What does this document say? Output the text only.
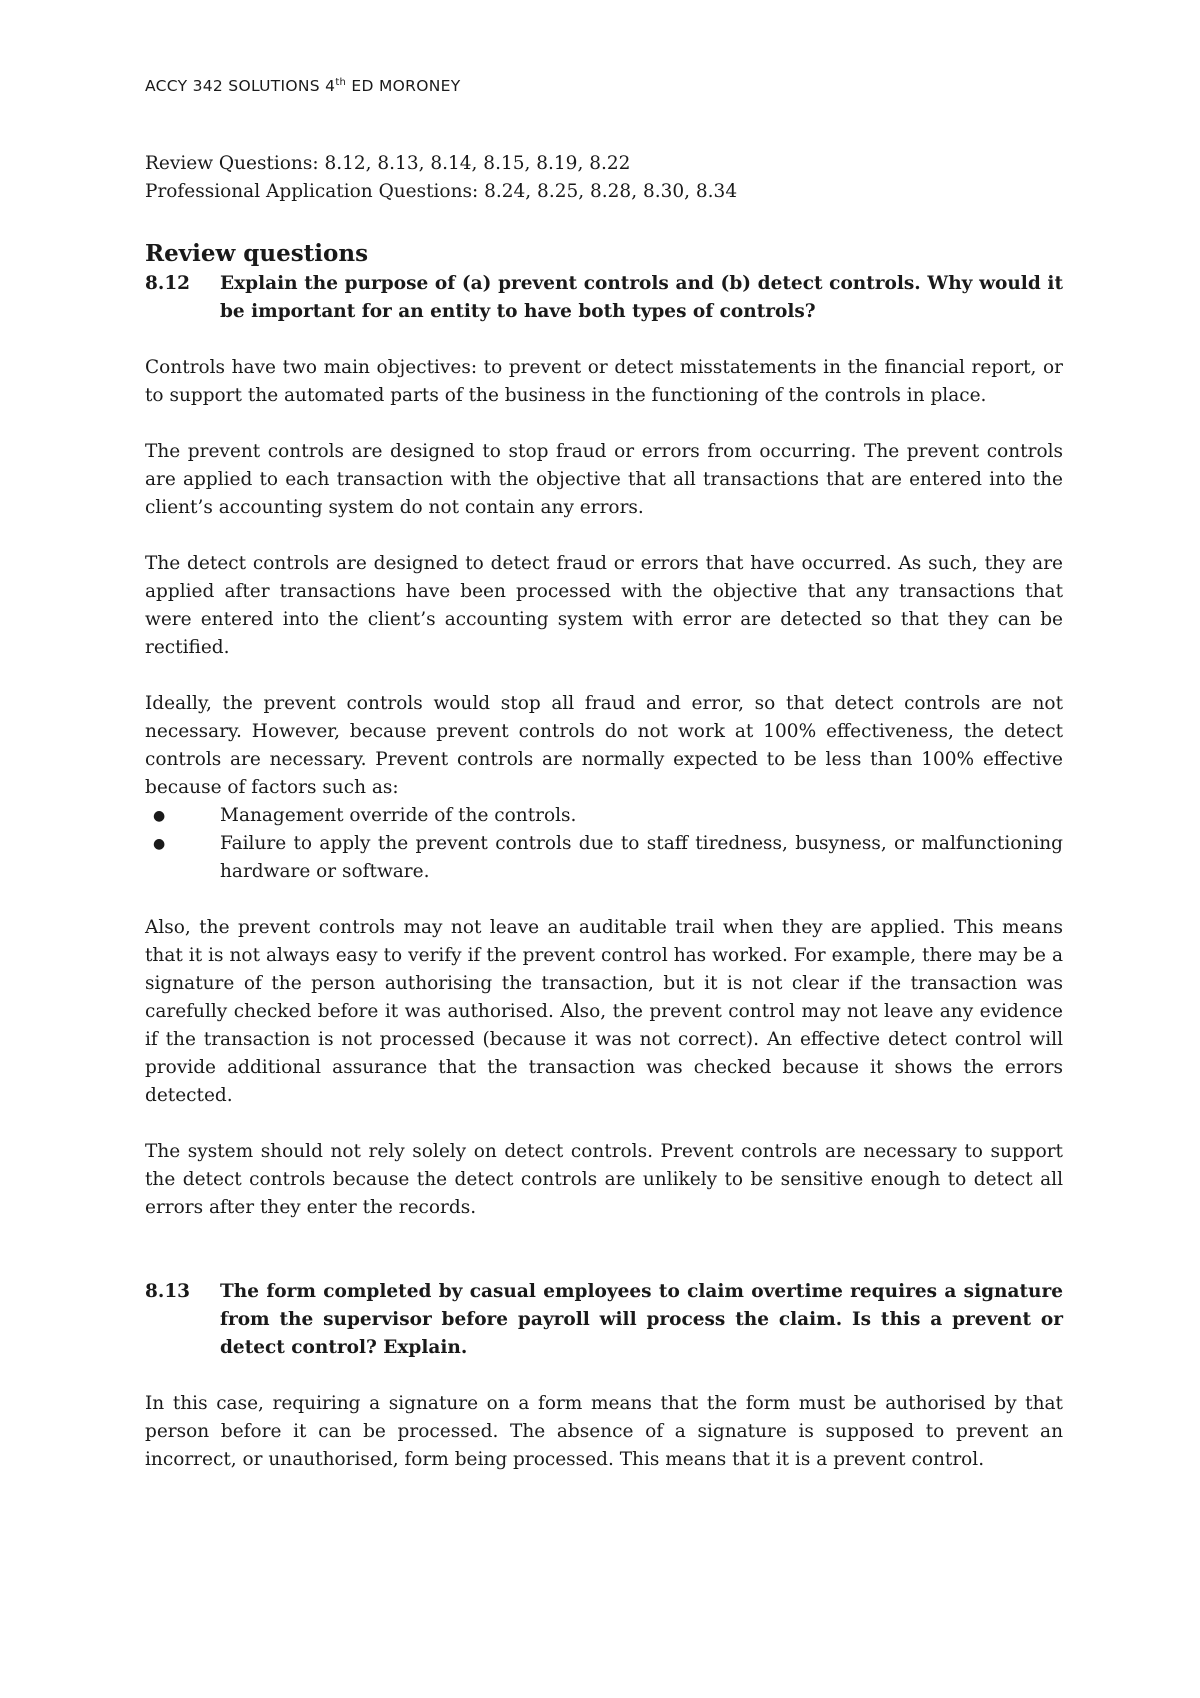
ACCY 342 SOLUTIONS 4th ED MORONEY

Review Questions: 8.12, 8.13, 8.14, 8.15, 8.19, 8.22

Professional Application Questions: 8.24, 8.25, 8.28, 8.30, 8.34

Review questions
8.12	Explain the purpose of (a) prevent controls and (b) detect controls. Why would it be important for an entity to have both types of controls?

Controls have two main objectives: to prevent or detect misstatements in the financial report, or to support the automated parts of the business in the functioning of the controls in place.

The prevent controls are designed to stop fraud or errors from occurring. The prevent controls are applied to each transaction with the objective that all transactions that are entered into the client’s accounting system do not contain any errors.

The detect controls are designed to detect fraud or errors that have occurred. As such, they are applied after transactions have been processed with the objective that any transactions that were entered into the client’s accounting system with error are detected so that they can be rectified.

Ideally, the prevent controls would stop all fraud and error, so that detect controls are not necessary. However, because prevent controls do not work at 100% effectiveness, the detect controls are necessary. Prevent controls are normally expected to be less than 100% effective because of factors such as:

●	Management override of the controls.
●	Failure to apply the prevent controls due to staff tiredness, busyness, or malfunctioning hardware or software.

Also, the prevent controls may not leave an auditable trail when they are applied. This means that it is not always easy to verify if the prevent control has worked. For example, there may be a signature of the person authorising the transaction, but it is not clear if the transaction was carefully checked before it was authorised. Also, the prevent control may not leave any evidence if the transaction is not processed (because it was not correct). An effective detect control will provide additional assurance that the transaction was checked because it shows the errors detected.

The system should not rely solely on detect controls. Prevent controls are necessary to support the detect controls because the detect controls are unlikely to be sensitive enough to detect all errors after they enter the records.

8.13	The form completed by casual employees to claim overtime requires a signature from the supervisor before payroll will process the claim. Is this a prevent or detect control? Explain.

In this case, requiring a signature on a form means that the form must be authorised by that person before it can be processed. The absence of a signature is supposed to prevent an incorrect, or unauthorised, form being processed. This means that it is a prevent control.
